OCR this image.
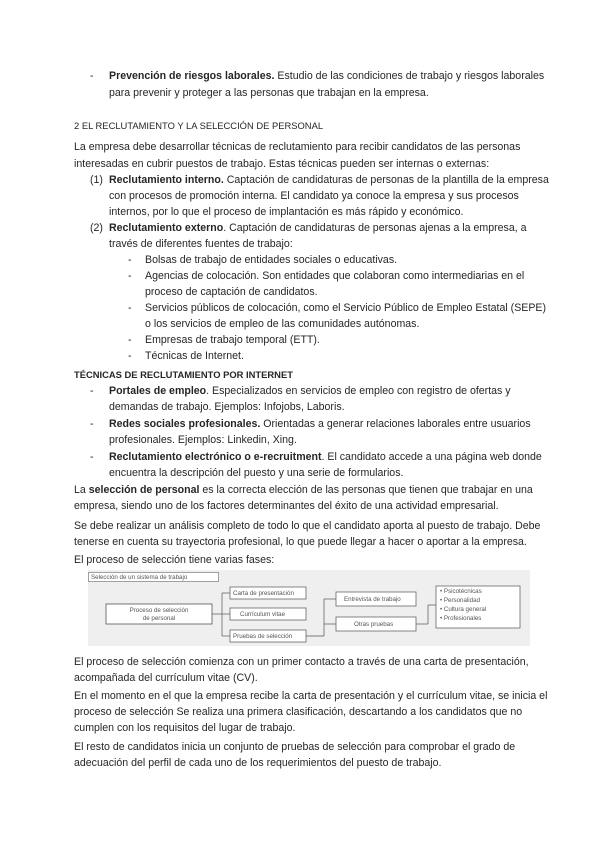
- Prevención de riesgos laborales. Estudio de las condiciones de trabajo y riesgos laborales
para prevenir y proteger a las personas que trabajan en la empresa.
2 EL RECLUTAMIENTO Y LA SELECCIÓN DE PERSONAL
La empresa debe desarrollar técnicas de reclutamiento para recibir candidatos de las personas
interesadas en cubrir puestos de trabajo. Estas técnicas pueden ser internas o externas:
(1) Reclutamiento interno. Captación de candidaturas de personas de la plantilla de la empresa
con procesos de promoción interna. El candidato ya conoce la empresa y sus procesos
internos, por lo que el proceso de implantación es más rápido y económico.
(2) Reclutamiento externo. Captación de candidaturas de personas ajenas a la empresa, a
través de diferentes fuentes de trabajo:
- Bolsas de trabajo de entidades sociales o educativas.
- Agencias de colocación. Son entidades que colaboran como intermediarias en el
proceso de captación de candidatos.
- Servicios públicos de colocación, como el Servicio Público de Empleo Estatal (SEPE)
o los servicios de empleo de las comunidades autónomas.
- Empresas de trabajo temporal (ETT).
- Técnicas de Internet.
TÉCNICAS DE RECLUTAMIENTO POR INTERNET
- Portales de empleo. Especializados en servicios de empleo con registro de ofertas y
demandas de trabajo. Ejemplos: Infojobs, Laboris.
- Redes sociales profesionales. Orientadas a generar relaciones laborales entre usuarios
profesionales. Ejemplos: Linkedin, Xing.
- Reclutamiento electrónico o e-recruitment. El candidato accede a una página web donde
encuentra la descripción del puesto y una serie de formularios.
La selección de personal es la correcta elección de las personas que tienen que trabajar en una
empresa, siendo uno de los factores determinantes del éxito de una actividad empresarial.
Se debe realizar un análisis completo de todo lo que el candidato aporta al puesto de trabajo. Debe
tenerse en cuenta su trayectoria profesional, lo que puede llegar a hacer o aportar a la empresa.
El proceso de selección tiene varias fases:
Selección de un sistema de trabajo
Proceso de selección
de personal
Carta de presentación
Currículum vitae
Pruebas de selección
Entrevista de trabajo
Otras pruebas
• Psicotécnicas
• Personalidad
• Cultura general
• Profesionales
El proceso de selección comienza con un primer contacto a través de una carta de presentación,
acompañada del currículum vitae (CV).
En el momento en el que la empresa recibe la carta de presentación y el currículum vitae, se inicia el
proceso de selección Se realiza una primera clasificación, descartando a los candidatos que no
cumplen con los requisitos del lugar de trabajo.
El resto de candidatos inicia un conjunto de pruebas de selección para comprobar el grado de
adecuación del perfil de cada uno de los requerimientos del puesto de trabajo.
